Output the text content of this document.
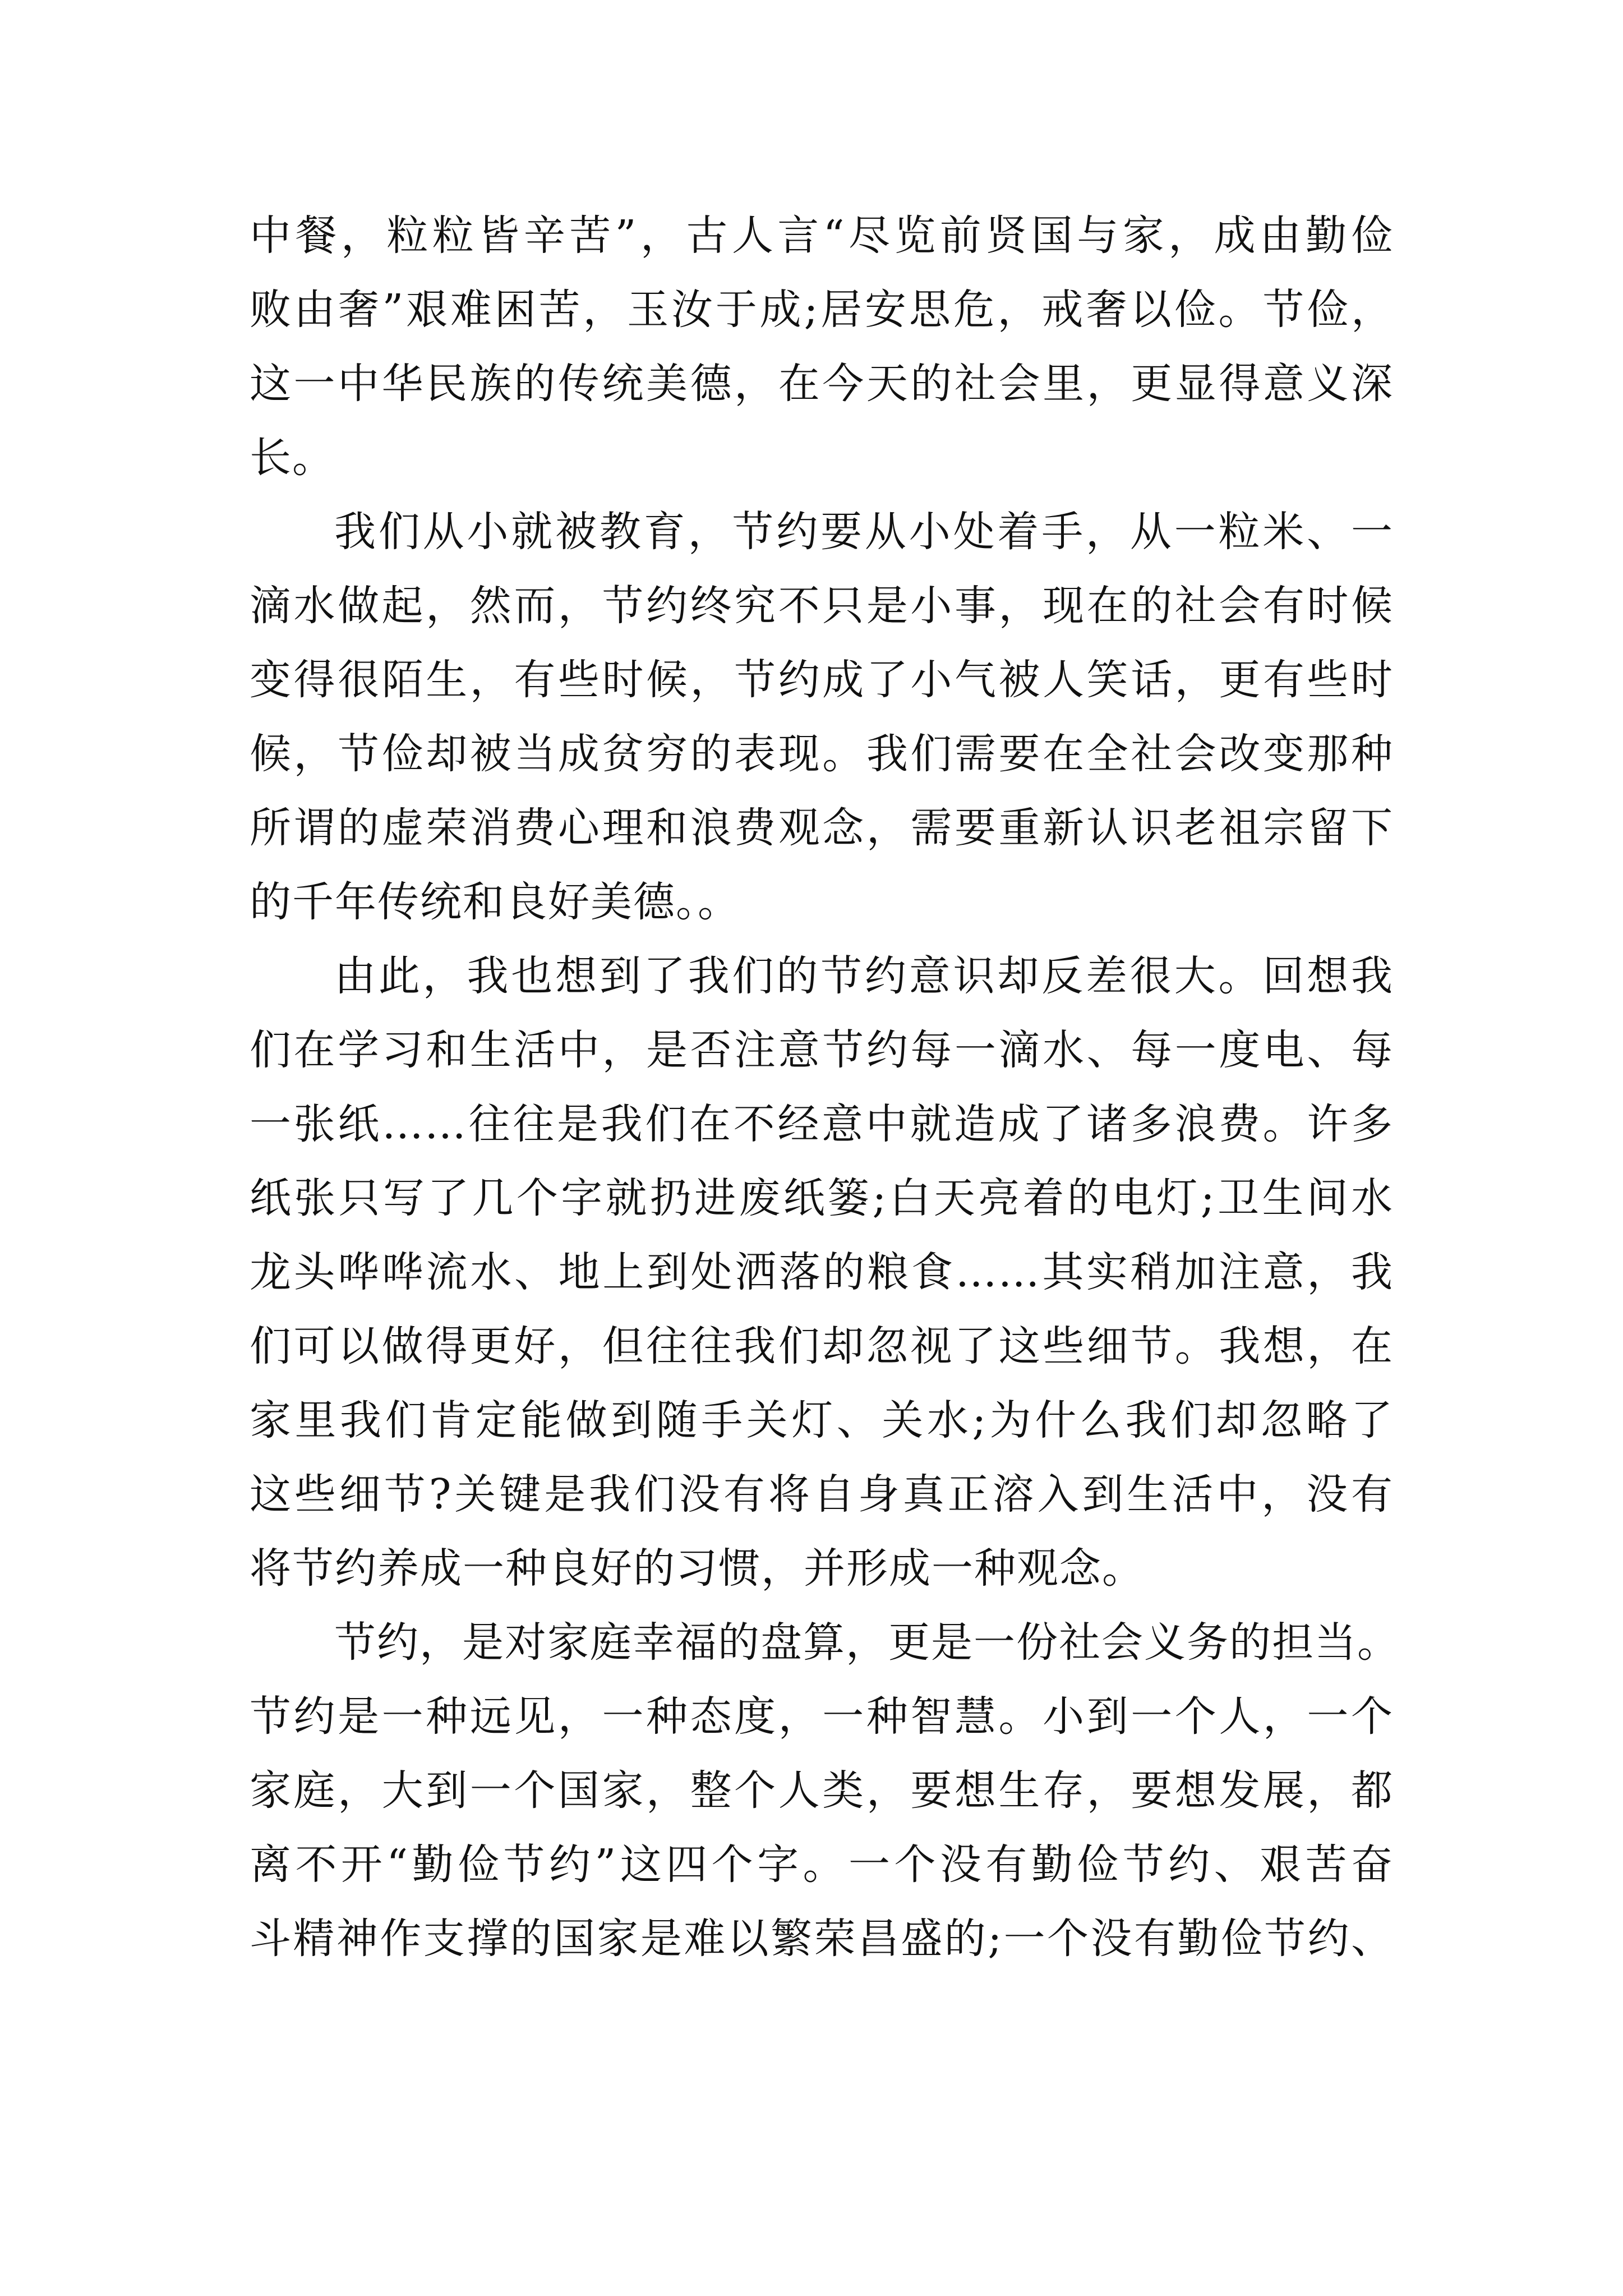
中餐，粒粒皆辛苦”，古人言“尽览前贤国与家，成由勤俭
败由奢”艰难困苦，玉汝于成;居安思危，戒奢以俭。节俭，
这一中华民族的传统美德，在今天的社会里，更显得意义深
长。
我们从小就被教育，节约要从小处着手，从一粒米、一
滴水做起，然而，节约终究不只是小事，现在的社会有时候
变得很陌生，有些时候，节约成了小气被人笑话，更有些时
候，节俭却被当成贫穷的表现。我们需要在全社会改变那种
所谓的虚荣消费心理和浪费观念，需要重新认识老祖宗留下
的千年传统和良好美德。。
由此，我也想到了我们的节约意识却反差很大。回想我
们在学习和生活中，是否注意节约每一滴水、每一度电、每
一张纸……往往是我们在不经意中就造成了诸多浪费。许多
纸张只写了几个字就扔进废纸篓;白天亮着的电灯;卫生间水
龙头哗哗流水、地上到处洒落的粮食……其实稍加注意，我
们可以做得更好，但往往我们却忽视了这些细节。我想，在
家里我们肯定能做到随手关灯、关水;为什么我们却忽略了
这些细节?关键是我们没有将自身真正溶入到生活中，没有
将节约养成一种良好的习惯，并形成一种观念。
节约，是对家庭幸福的盘算，更是一份社会义务的担当。
节约是一种远见，一种态度，一种智慧。小到一个人，一个
家庭，大到一个国家，整个人类，要想生存，要想发展，都
离不开“勤俭节约”这四个字。一个没有勤俭节约、艰苦奋
斗精神作支撑的国家是难以繁荣昌盛的;一个没有勤俭节约、
